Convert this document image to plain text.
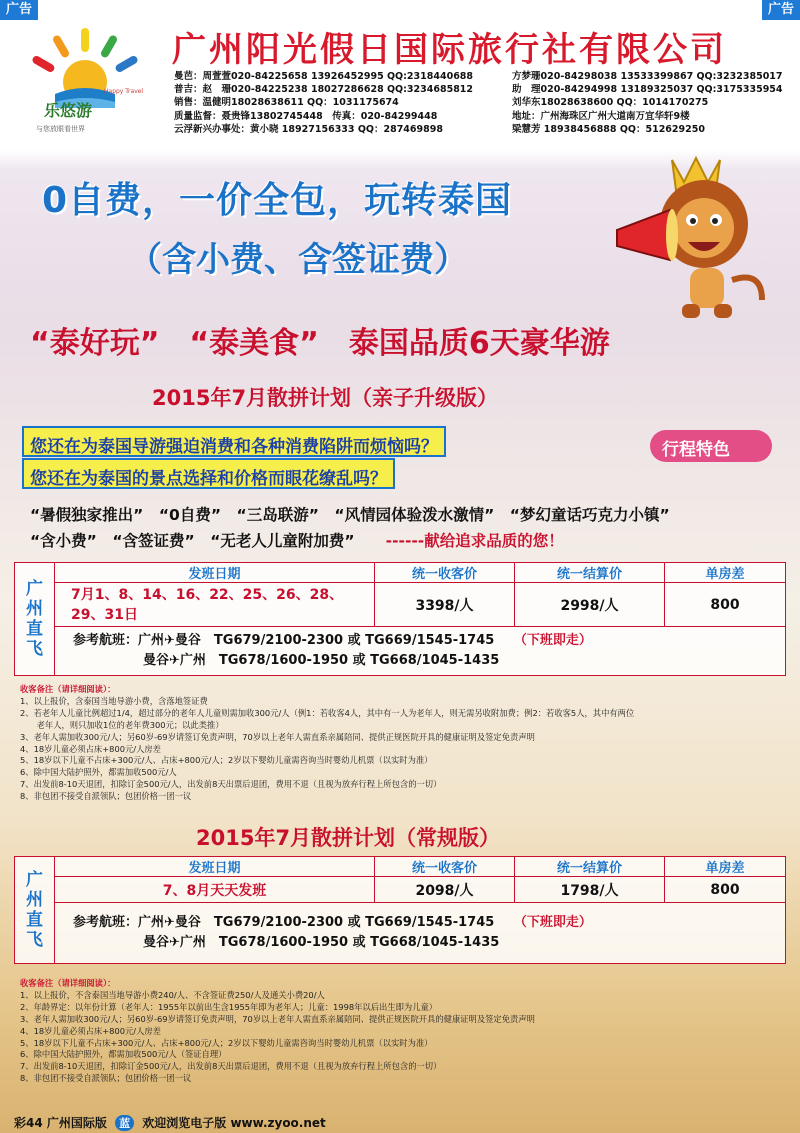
广告	广告
乐悠游
Happy Travel
与您放眼看世界
广州阳光假日国际旅行社有限公司
曼芭：周萱萱020-84225658 13926452995 QQ:2318440688	方梦珊020-84298038 13533399867 QQ:3232385017
普吉：赵　珊020-84225238 18027286628 QQ:3234685812	助　理020-84294998 13189325037 QQ:3175335954
销售：温健明18028638611 QQ：1031175674	刘华东18028638600 QQ：1014170275
质量监督：聂贵锋13802745448　传真：020-84299448	地址：广州海珠区广州大道南万宜华轩9楼
云浮新兴办事处：黄小晓 18927156333 QQ：287469898	梁慧芳 18938456888 QQ：512629250
0自费，一价全包，玩转泰国
（含小费、含签证费）
“泰好玩”　“泰美食”　泰国品质6天豪华游
2015年7月散拼计划（亲子升级版）
您还在为泰国导游强迫消费和各种消费陷阱而烦恼吗？
您还在为泰国的景点选择和价格而眼花缭乱吗？
行程特色
“暑假独家推出”　“0自费”　“三岛联游”　“风情园体验泼水激情”　“梦幻童话巧克力小镇”
“含小费”　“含签证费”　“无老人儿童附加费”　　 ------献给追求品质的您！
广州直飞	发班日期	统一收客价	统一结算价	单房差

	7月1、8、14、16、22、25、26、28、29、31日	3398/人	2998/人	800

	参考航班：广州✈曼谷　TG679/2100-2300 或 TG669/1545-1745　　 （下班即走）
曼谷✈广州　TG678/1600-1950 或 TG668/1045-1435			
收客备注（请详细阅读）：
1、以上报价，含泰国当地导游小费，含落地签证费
2、若老年人儿童比例超过1/4，超过部分的老年人儿童则需加收300元/人（例1：若收客4人，其中有一人为老年人，则无需另收附加费；例2：若收客5人，其中有两位
　　老年人，则只加收1位的老年费300元；以此类推）
3、老年人需加收300元/人；另60岁-69岁请签订免责声明，70岁以上老年人需直系亲属陪同、提供正规医院开具的健康证明及签定免责声明
4、18岁儿童必须占床+800元/人房差
5、18岁以下儿童不占床+300元/人、占床+800元/人；2岁以下婴幼儿童需咨询当时婴幼儿机票（以实时为准）
6、除中国大陆护照外，都需加收500元/人
7、出发前8-10天退团，扣除订金500元/人，出发前8天出票后退团，费用不退（且视为放弃行程上所包含的一切）
8、非包团不接受自派领队；包团价格一团一议
2015年7月散拼计划（常规版）
广州直飞	发班日期	统一收客价	统一结算价	单房差
	7、8月天天发班	2098/人	1798/人	800

	参考航班：广州✈曼谷　TG679/2100-2300 或 TG669/1545-1745　　 （下班即走）
曼谷✈广州　TG678/1600-1950 或 TG668/1045-1435			
收客备注（请详细阅读）：
1、以上报价，不含泰国当地导游小费240/人、不含签证费250/人及通关小费20/人
2、年龄界定：以年份计算（老年人：1955年以前出生含1955年即为老年人；儿童：1998年以后出生即为儿童）
3、老年人需加收300元/人；另60岁-69岁请签订免责声明，70岁以上老年人需直系亲属陪同、提供正规医院开具的健康证明及签定免责声明
4、18岁儿童必须占床+800元/人房差
5、18岁以下儿童不占床+300元/人、占床+800元/人；2岁以下婴幼儿童需咨询当时婴幼儿机票（以实时为准）
6、除中国大陆护照外，都需加收500元/人（签证自理）
7、出发前8-10天退团，扣除订金500元/人，出发前8天出票后退团，费用不退（且视为放弃行程上所包含的一切）
8、非包团不接受自派领队；包团价格一团一议
彩44 广州国际版 蓝 欢迎浏览电子版 www.zyoo.net
